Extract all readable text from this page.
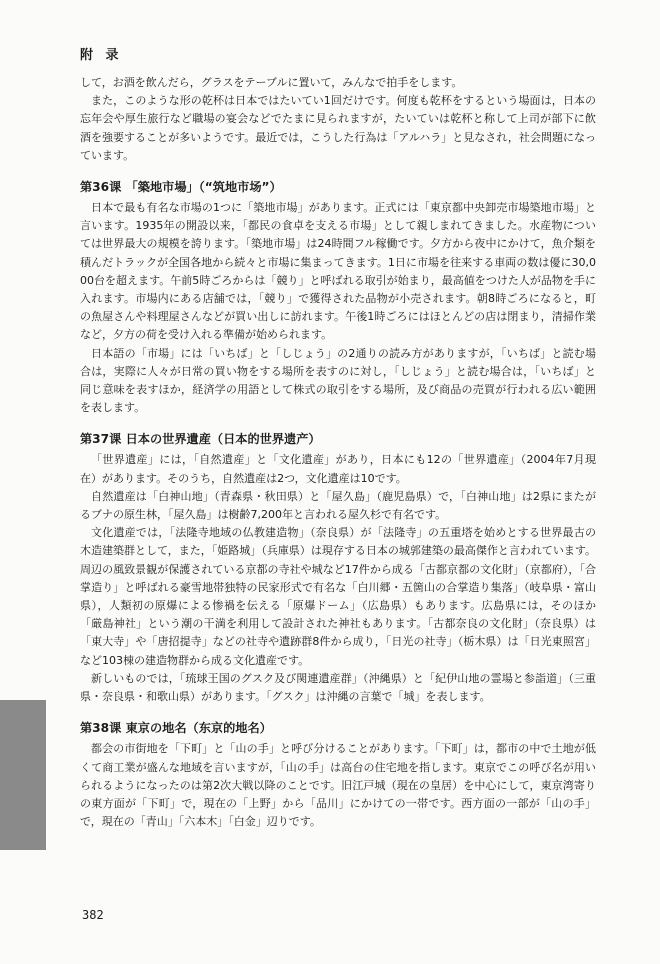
附 录

して，お酒を飲んだら，グラスをテーブルに置いて，みんなで拍手をします。

また，このような形の乾杯は日本ではたいてい1回だけです。何度も乾杯をするという場面は，日本の忘年会や厚生旅行など職場の宴会などでたまに見られますが，たいていは乾杯と称して上司が部下に飲酒を強要することが多いようです。最近では，こうした行為は「アルハラ」と見なされ，社会問題になっています。

第36课 「築地市場」（“筑地市场”）

日本で最も有名な市場の1つに「築地市場」があります。正式には「東京都中央卸売市場築地市場」と言います。1935年の開設以来，「都民の食卓を支える市場」として親しまれてきました。水産物については世界最大の規模を誇ります。「築地市場」は24時間フル稼働です。夕方から夜中にかけて，魚介類を積んだトラックが全国各地から続々と市場に集まってきます。1日に市場を往来する車両の数は優に30,000台を超えます。午前5時ごろからは「競り」と呼ばれる取引が始まり，最高値をつけた人が品物を手に入れます。市場内にある店舗では，「競り」で獲得された品物が小売されます。朝8時ごろになると，町の魚屋さんや料理屋さんなどが買い出しに訪れます。午後1時ごろにはほとんどの店は閉まり，清掃作業など，夕方の荷を受け入れる準備が始められます。

日本語の「市場」には「いちば」と「しじょう」の2通りの読み方がありますが，「いちば」と読む場合は，実際に人々が日常の買い物をする場所を表すのに対し，「しじょう」と読む場合は，「いちば」と同じ意味を表すほか，経済学の用語として株式の取引をする場所，及び商品の売買が行われる広い範囲を表します。

第37课 日本の世界遺産（日本的世界遗产）

「世界遺産」には，「自然遺産」と「文化遺産」があり，日本にも12の「世界遺産」（2004年7月現在）があります。そのうち，自然遺産は2つ，文化遺産は10です。

自然遺産は「白神山地」（青森県・秋田県）と「屋久島」（鹿児島県）で，「白神山地」は2県にまたがるブナの原生林，「屋久島」は樹齢7,200年と言われる屋久杉で有名です。

文化遺産では，「法隆寺地域の仏教建造物」（奈良県）が「法隆寺」の五重塔を始めとする世界最古の木造建築群として，また，「姫路城」（兵庫県）は現存する日本の城郭建築の最高傑作と言われています。周辺の風致景観が保護されている京都の寺社や城など17件から成る「古都京都の文化財」（京都府），「合掌造り」と呼ばれる豪雪地帯独特の民家形式で有名な「白川郷・五箇山の合掌造り集落」（岐阜県・富山県），人類初の原爆による惨禍を伝える「原爆ドーム」（広島県）もあります。広島県には，そのほか「厳島神社」という潮の干満を利用して設計された神社もあります。「古都奈良の文化財」（奈良県）は「東大寺」や「唐招提寺」などの社寺や遺跡群8件から成り，「日光の社寺」（栃木県）は「日光東照宮」など103棟の建造物群から成る文化遺産です。

新しいものでは，「琉球王国のグスク及び関連遺産群」（沖縄県）と「紀伊山地の霊場と参詣道」（三重県・奈良県・和歌山県）があります。「グスク」は沖縄の言葉で「城」を表します。

第38课 東京の地名（东京的地名）

都会の市街地を「下町」と「山の手」と呼び分けることがあります。「下町」は，都市の中で土地が低くて商工業が盛んな地域を言いますが，「山の手」は高台の住宅地を指します。東京でこの呼び名が用いられるようになったのは第2次大戦以降のことです。旧江戸城（現在の皇居）を中心にして，東京湾寄りの東方面が「下町」で，現在の「上野」から「品川」にかけての一帯です。西方面の一部が「山の手」で，現在の「青山」「六本木」「白金」辺りです。

382
